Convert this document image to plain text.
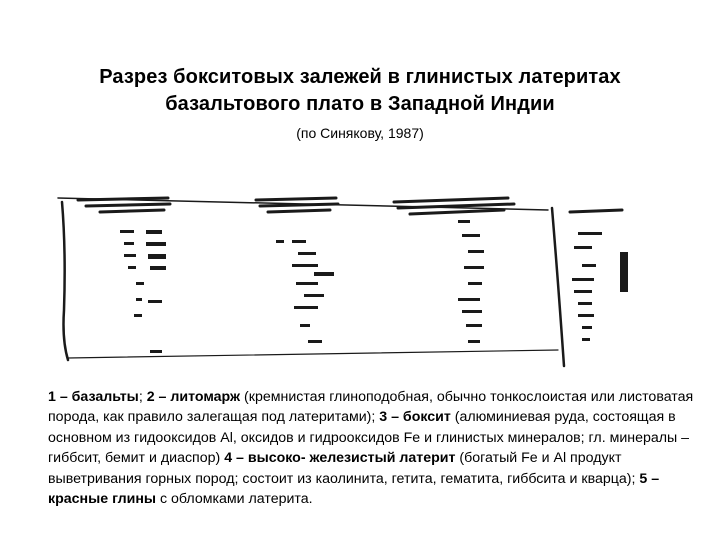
Разрез бокситовых залежей в глинистых латеритах
базальтового плато в Западной Индии
(по Синякову, 1987)
1 – базальты; 2 – литомарж (кремнистая глиноподобная, обычно тонкослоистая или листоватая порода, как правило залегащая под латеритами); 3 – боксит (алюминиевая руда, состоящая в основном из гидооксидов Al, оксидов и гидрооксидов Fe и глинистых минералов; гл. минералы – гиббсит, бемит и диаспор) 4 – высоко- железистый латерит (богатый Fe и Al продукт выветривания горных пород; состоит из каолинита, гетита, гематита, гиббсита и кварца); 5 – красные глины с обломками латерита.
